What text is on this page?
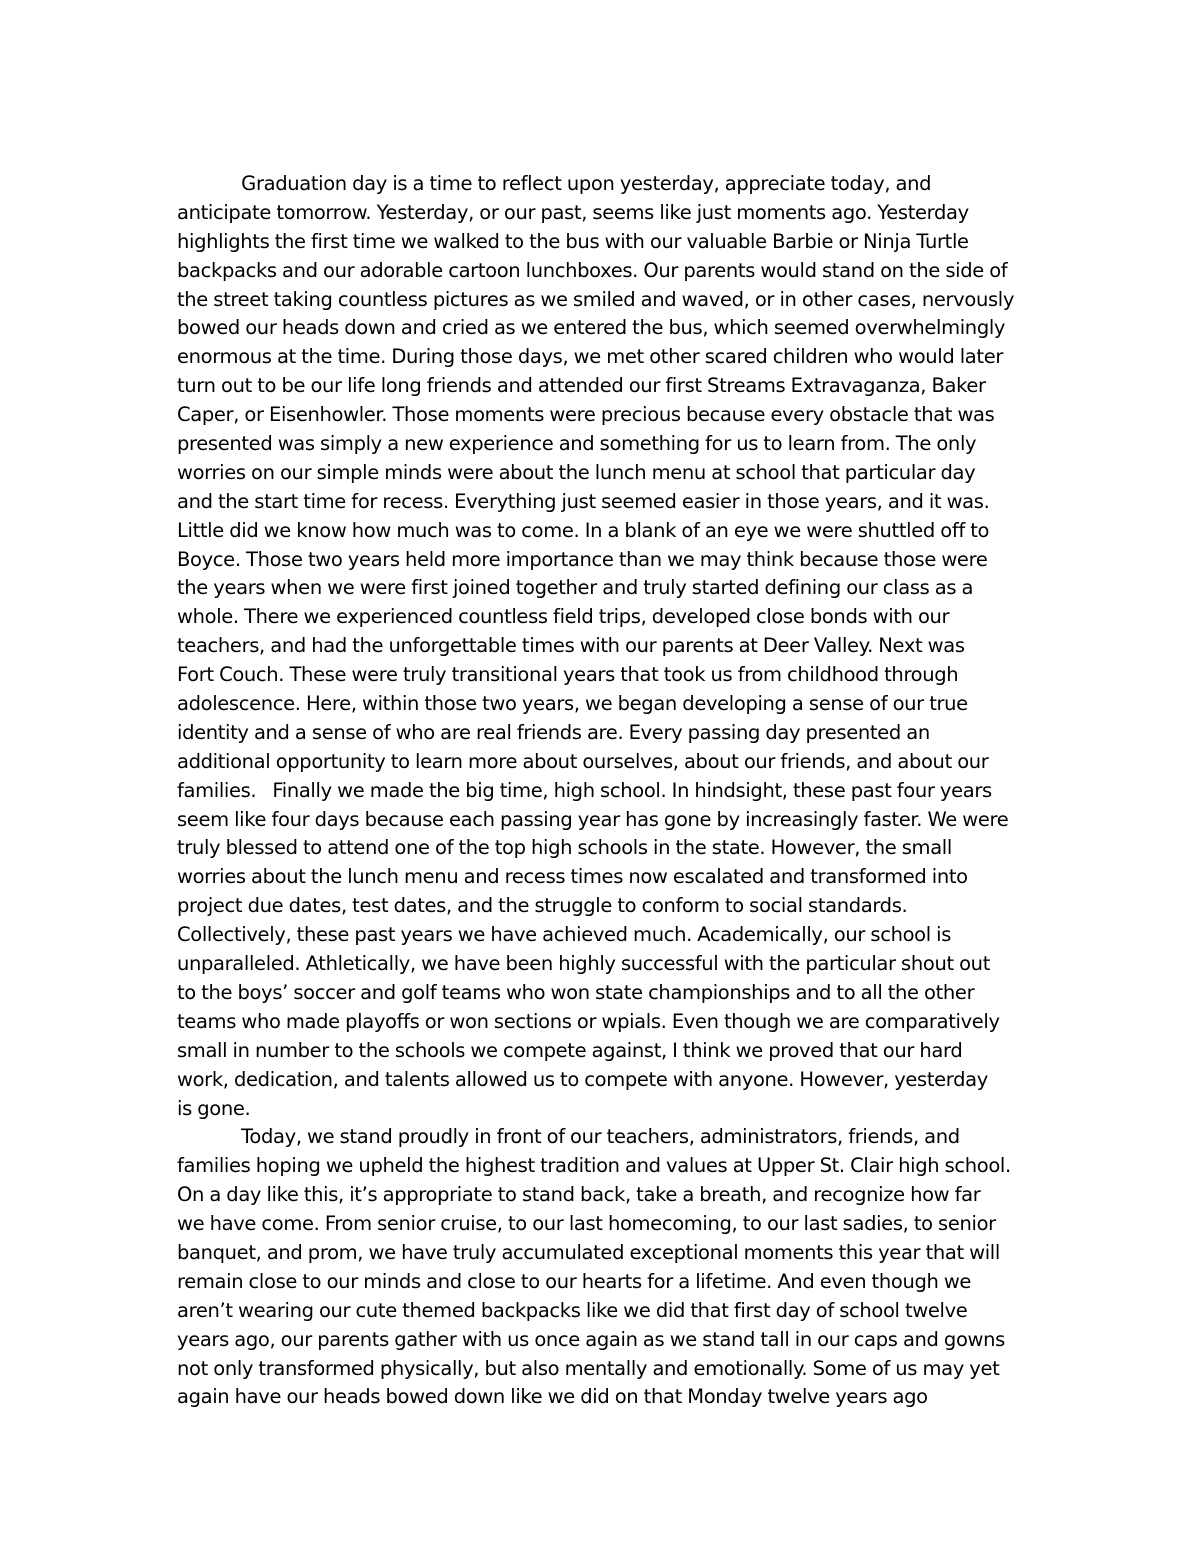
Graduation day is a time to reflect upon yesterday, appreciate today, and
anticipate tomorrow. Yesterday, or our past, seems like just moments ago. Yesterday
highlights the first time we walked to the bus with our valuable Barbie or Ninja Turtle
backpacks and our adorable cartoon lunchboxes. Our parents would stand on the side of
the street taking countless pictures as we smiled and waved, or in other cases, nervously
bowed our heads down and cried as we entered the bus, which seemed overwhelmingly
enormous at the time. During those days, we met other scared children who would later
turn out to be our life long friends and attended our first Streams Extravaganza, Baker
Caper, or Eisenhowler. Those moments were precious because every obstacle that was
presented was simply a new experience and something for us to learn from. The only
worries on our simple minds were about the lunch menu at school that particular day
and the start time for recess. Everything just seemed easier in those years, and it was.
Little did we know how much was to come. In a blank of an eye we were shuttled off to
Boyce. Those two years held more importance than we may think because those were
the years when we were first joined together and truly started defining our class as a
whole. There we experienced countless field trips, developed close bonds with our
teachers, and had the unforgettable times with our parents at Deer Valley. Next was
Fort Couch. These were truly transitional years that took us from childhood through
adolescence. Here, within those two years, we began developing a sense of our true
identity and a sense of who are real friends are. Every passing day presented an
additional opportunity to learn more about ourselves, about our friends, and about our
families.   Finally we made the big time, high school. In hindsight, these past four years
seem like four days because each passing year has gone by increasingly faster. We were
truly blessed to attend one of the top high schools in the state. However, the small
worries about the lunch menu and recess times now escalated and transformed into
project due dates, test dates, and the struggle to conform to social standards.
Collectively, these past years we have achieved much. Academically, our school is
unparalleled. Athletically, we have been highly successful with the particular shout out
to the boys’ soccer and golf teams who won state championships and to all the other
teams who made playoffs or won sections or wpials. Even though we are comparatively
small in number to the schools we compete against, I think we proved that our hard
work, dedication, and talents allowed us to compete with anyone. However, yesterday
is gone.
Today, we stand proudly in front of our teachers, administrators, friends, and
families hoping we upheld the highest tradition and values at Upper St. Clair high school.
On a day like this, it’s appropriate to stand back, take a breath, and recognize how far
we have come. From senior cruise, to our last homecoming, to our last sadies, to senior
banquet, and prom, we have truly accumulated exceptional moments this year that will
remain close to our minds and close to our hearts for a lifetime. And even though we
aren’t wearing our cute themed backpacks like we did that first day of school twelve
years ago, our parents gather with us once again as we stand tall in our caps and gowns
not only transformed physically, but also mentally and emotionally. Some of us may yet
again have our heads bowed down like we did on that Monday twelve years ago
